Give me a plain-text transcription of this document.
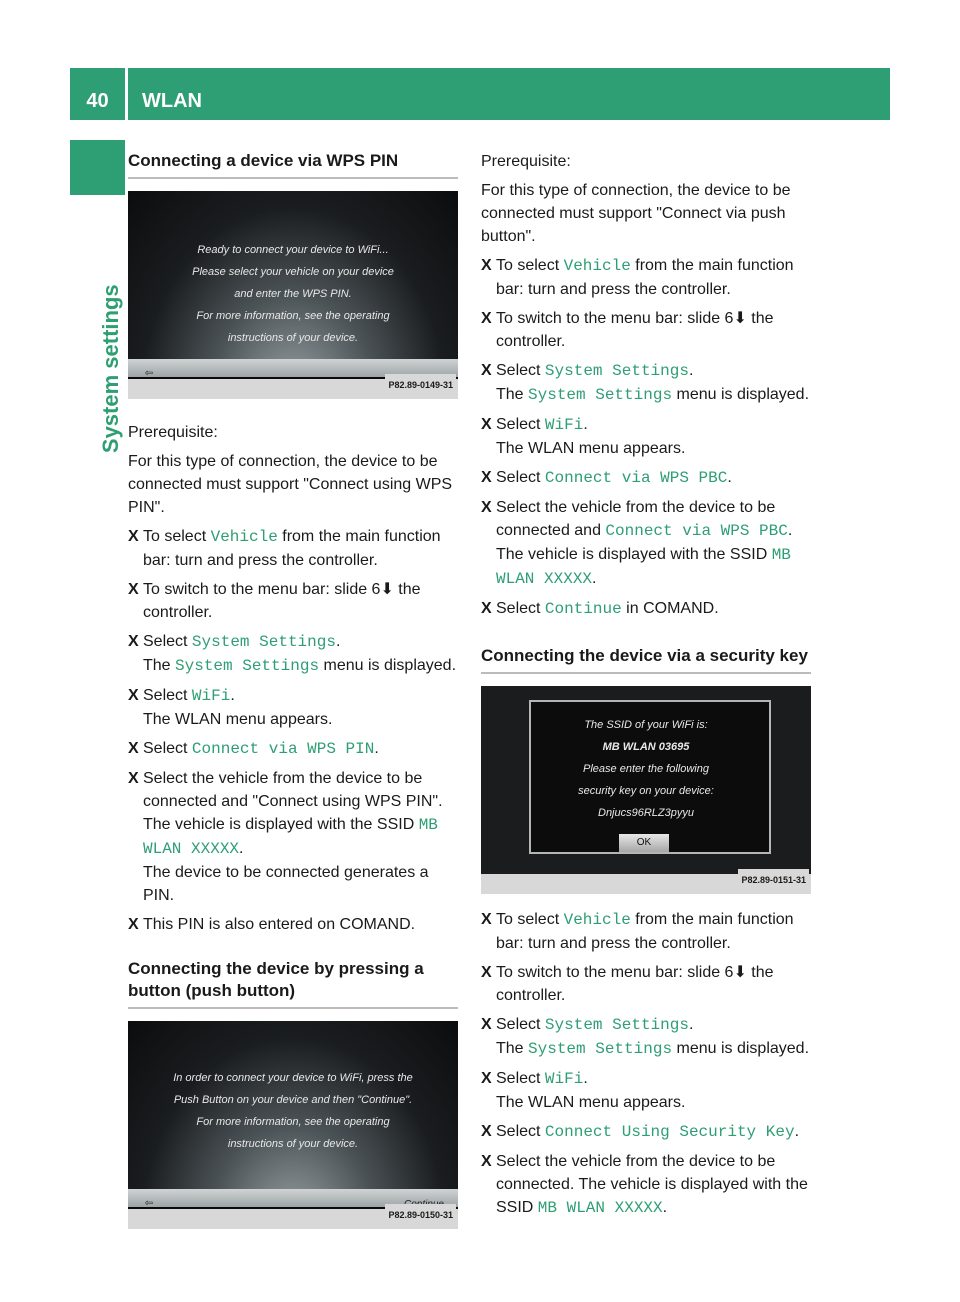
40	WLAN
System settings
Connecting a device via WPS PIN
Ready to connect your device to WiFi...
Please select your vehicle on your device
and enter the WPS PIN.
For more information, see the operating
instructions of your device.
⇦
P82.89-0149-31

Prerequisite:

For this type of connection, the device to be connected must support "Connect using WPS PIN".

X To select Vehicle from the main function bar: turn and press the controller.
X To switch to the menu bar: slide 6⬇ the controller.
X Select System Settings.
The System Settings menu is displayed.
X Select WiFi.
The WLAN menu appears.
X Select Connect via WPS PIN.
X Select the vehicle from the device to be connected and "Connect using WPS PIN".
The vehicle is displayed with the SSID MB WLAN XXXXX.
The device to be connected generates a PIN.
X This PIN is also entered on COMAND.
Connecting the device by pressing a button (push button)
In order to connect your device to WiFi, press the
Push Button on your device and then "Continue".
For more information, see the operating
instructions of your device.
⇦
P82.89-0150-31

Prerequisite:

For this type of connection, the device to be connected must support "Connect via push button".

X To select Vehicle from the main function bar: turn and press the controller.
X To switch to the menu bar: slide 6⬇ the controller.
X Select System Settings.
The System Settings menu is displayed.
X Select WiFi.
The WLAN menu appears.
X Select Connect via WPS PBC.
X Select the vehicle from the device to be connected and Connect via WPS PBC.
The vehicle is displayed with the SSID MB WLAN XXXXX.
X Select Continue in COMAND.
Connecting the device via a security key
The SSID of your WiFi is:
MB WLAN 03695
Please enter the following
security key on your device:
Dnjucs96RLZ3pyyu
OK
P82.89-0151-31
X To select Vehicle from the main function bar: turn and press the controller.
X To switch to the menu bar: slide 6⬇ the controller.
X Select System Settings.
The System Settings menu is displayed.
X Select WiFi.
The WLAN menu appears.
X Select Connect Using Security Key.
X Select the vehicle from the device to be connected. The vehicle is displayed with the SSID MB WLAN XXXXX.
